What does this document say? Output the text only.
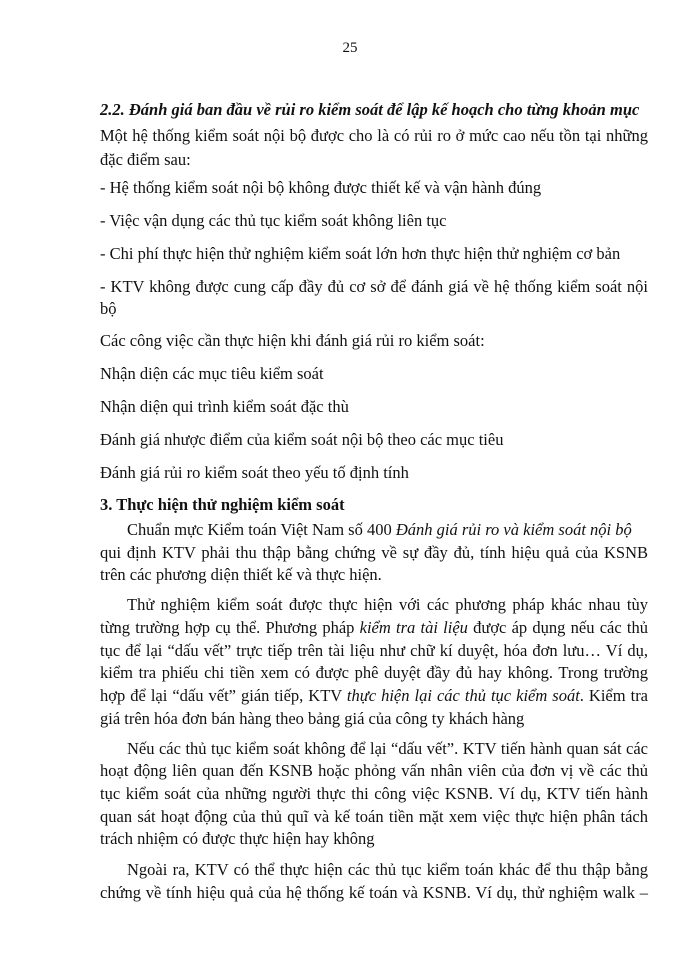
25
2.2. Đánh giá ban đầu về rủi ro kiểm soát để lập kế hoạch cho từng khoản mục
Một hệ thống kiểm soát nội bộ được cho là có rủi ro ở mức cao nếu tồn tại những
đặc điểm sau:
- Hệ thống kiểm soát nội bộ không được thiết kế và vận hành đúng
- Việc vận dụng các thủ tục kiểm soát không liên tục
- Chi phí thực hiện thử nghiệm kiểm soát lớn hơn thực hiện thử nghiệm cơ bản
- KTV không được cung cấp đầy đủ cơ sở để đánh giá về hệ thống kiểm soát nội
bộ
Các công việc cần thực hiện khi đánh giá rủi ro kiểm soát:
Nhận diện các mục tiêu kiểm soát
Nhận diện qui trình kiểm soát đặc thù
Đánh giá nhược điểm của kiểm soát nội bộ theo các mục tiêu
Đánh giá rủi ro kiểm soát theo yếu tố định tính
3. Thực hiện thử nghiệm kiểm soát
Chuẩn mực Kiểm toán Việt Nam số 400 Đánh giá rủi ro và kiểm soát nội bộ
qui định KTV phải thu thập bằng chứng về sự đầy đủ, tính hiệu quả của KSNB
trên các phương diện thiết kế và thực hiện.
Thử nghiệm kiểm soát được thực hiện với các phương pháp khác nhau tùy
từng trường hợp cụ thể. Phương pháp kiểm tra tài liệu được áp dụng nếu các thủ
tục để lại “dấu vết” trực tiếp trên tài liệu như chữ kí duyệt, hóa đơn lưu… Ví dụ,
kiểm tra phiếu chi tiền xem có được phê duyệt đầy đủ hay không. Trong trường
hợp để lại “dấu vết” gián tiếp, KTV thực hiện lại các thủ tục kiểm soát. Kiểm tra
giá trên hóa đơn bán hàng theo bảng giá của công ty khách hàng
Nếu các thủ tục kiểm soát không để lại “dấu vết”. KTV tiến hành quan sát các
hoạt động liên quan đến KSNB hoặc phỏng vấn nhân viên của đơn vị về các thủ
tục kiểm soát của những người thực thi công việc KSNB. Ví dụ, KTV tiến hành
quan sát hoạt động của thủ quĩ và kế toán tiền mặt xem việc thực hiện phân tách
trách nhiệm có được thực hiện hay không
Ngoài ra, KTV có thể thực hiện các thủ tục kiểm toán khác để thu thập bằng
chứng về tính hiệu quả của hệ thống kế toán và KSNB. Ví dụ, thử nghiệm walk –
